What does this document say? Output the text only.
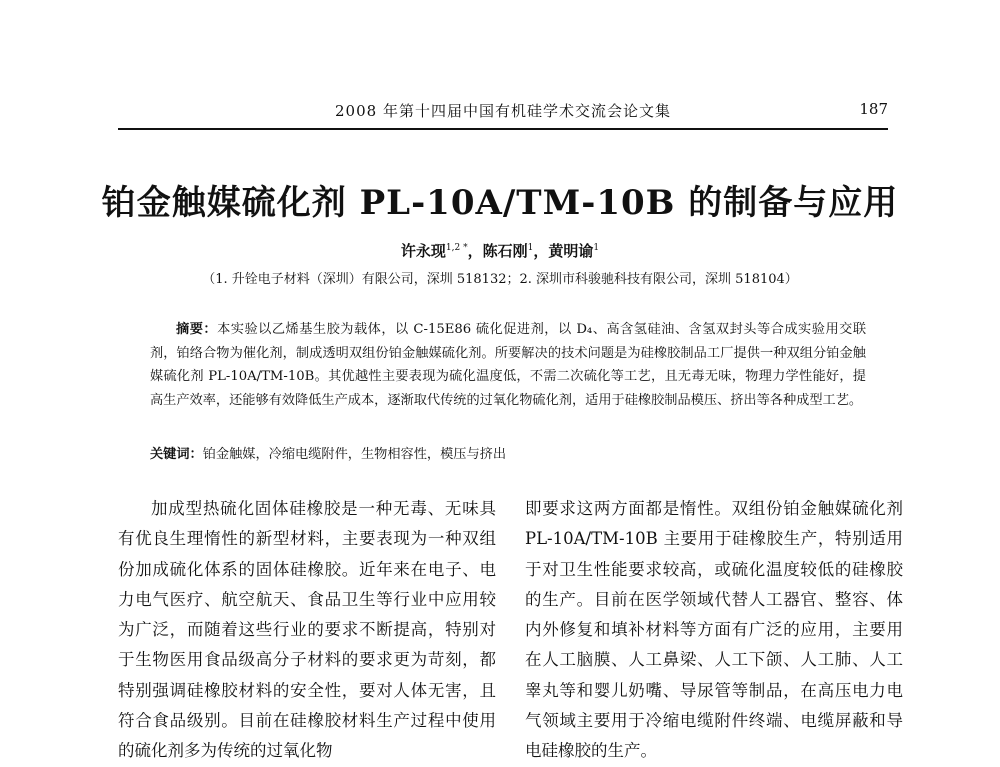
2008 年第十四届中国有机硅学术交流会论文集	187
铂金触媒硫化剂 PL-10A/TM-10B 的制备与应用
许永现$^{1,2 *}$，陈石刚$^1$，黄明谕$^1$
（1. 升铨电子材料（深圳）有限公司，深圳 518132；2. 深圳市科骏驰科技有限公司，深圳 518104）

摘要：本实验以乙烯基生胶为载体，以 C-15E86 硫化促进剂，以 D₄、高含氢硅油、含氢双封头等合成实验用交联剂，铂络合物为催化剂，制成透明双组份铂金触媒硫化剂。所要解决的技术问题是为硅橡胶制品工厂提供一种双组分铂金触媒硫化剂 PL-10A/TM-10B。其优越性主要表现为硫化温度低，不需二次硫化等工艺，且无毒无味，物理力学性能好，提高生产效率，还能够有效降低生产成本，逐渐取代传统的过氧化物硫化剂，适用于硅橡胶制品模压、挤出等各种成型工艺。

关键词：铂金触媒，冷缩电缆附件，生物相容性，模压与挤出

加成型热硫化固体硅橡胶是一种无毒、无味具有优良生理惰性的新型材料，主要表现为一种双组份加成硫化体系的固体硅橡胶。近年来在电子、电力电气医疗、航空航天、食品卫生等行业中应用较为广泛，而随着这些行业的要求不断提高，特别对于生物医用食品级高分子材料的要求更为苛刻，都特别强调硅橡胶材料的安全性，要对人体无害，且符合食品级别。目前在硅橡胶材料生产过程中使用的硫化剂多为传统的过氧化物

即要求这两方面都是惰性。双组份铂金触媒硫化剂 PL-10A/TM-10B 主要用于硅橡胶生产，特别适用于对卫生性能要求较高，或硫化温度较低的硅橡胶的生产。目前在医学领域代替人工器官、整容、体内外修复和填补材料等方面有广泛的应用，主要用在人工脑膜、人工鼻梁、人工下颌、人工肺、人工睾丸等和婴儿奶嘴、导尿管等制品，在高压电力电气领域主要用于冷缩电缆附件终端、电缆屏蔽和导电硅橡胶的生产。
